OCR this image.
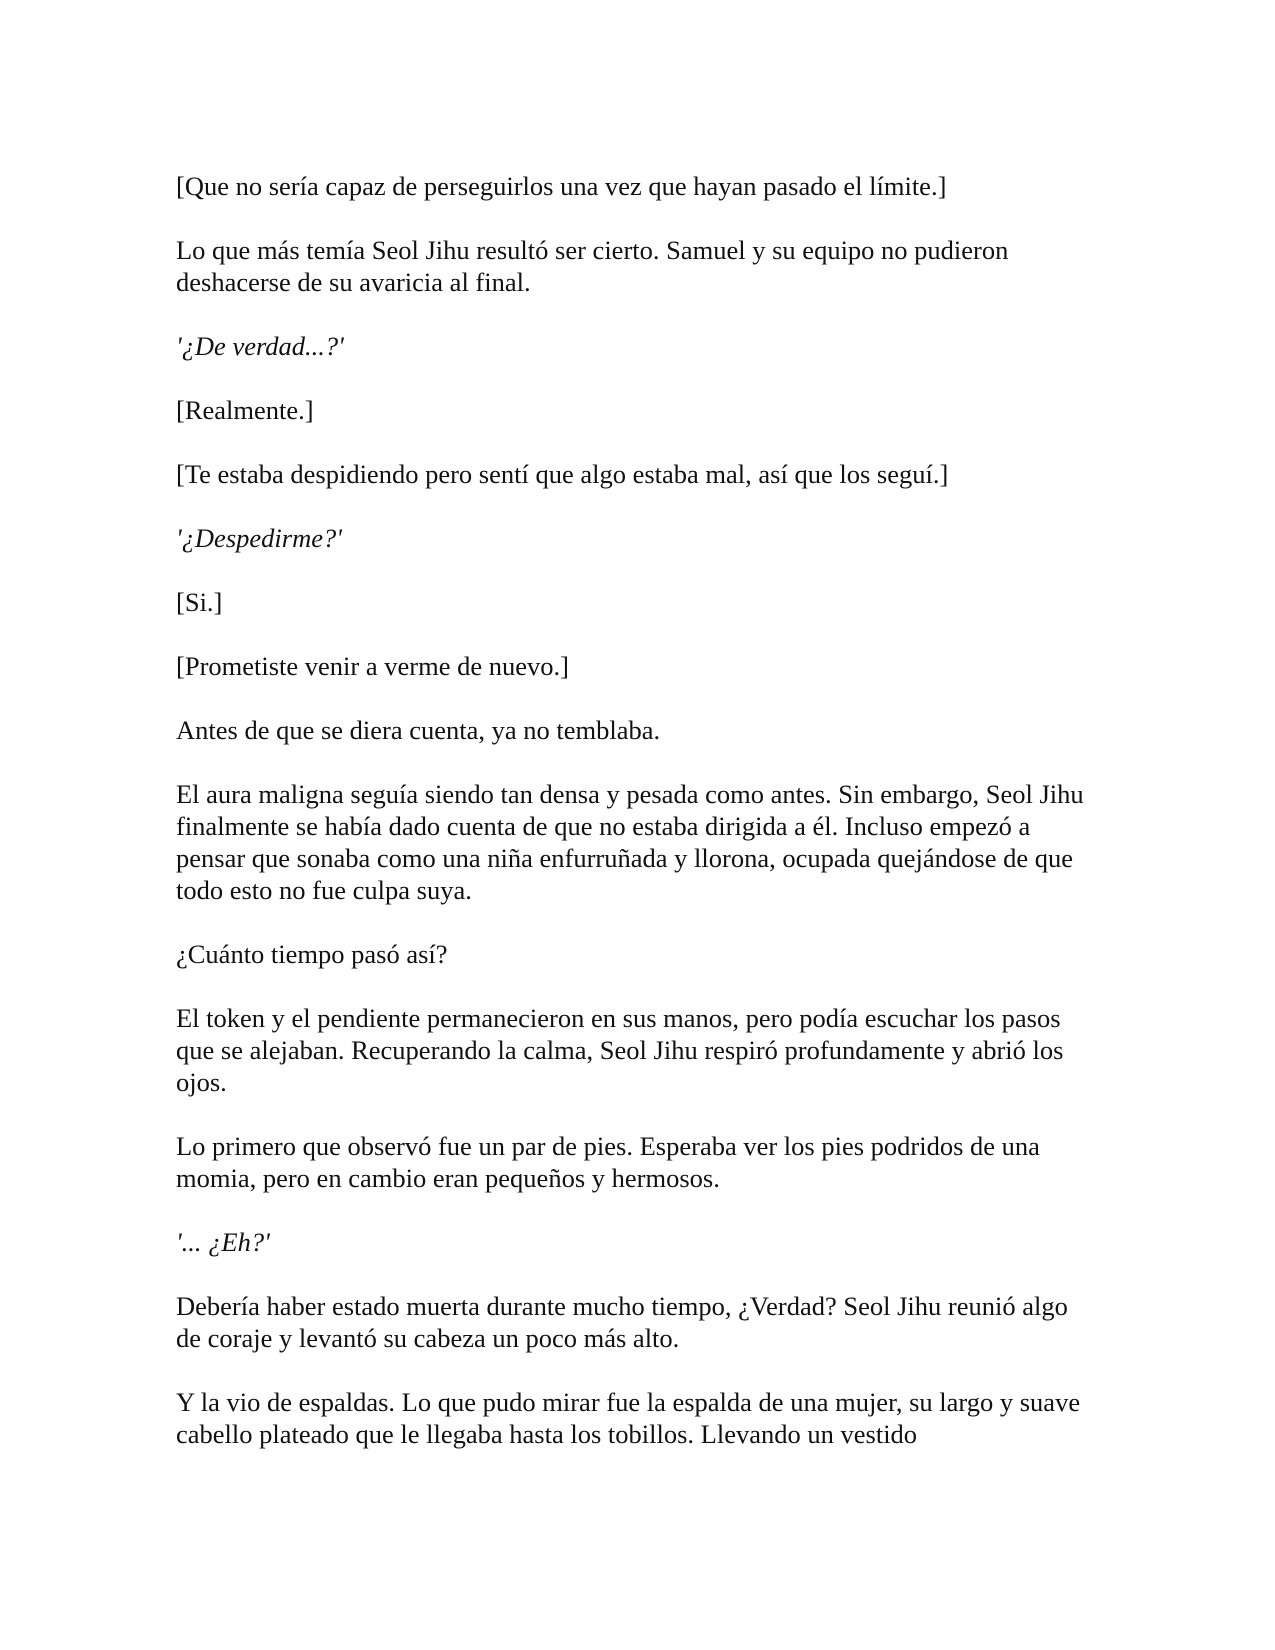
[Que no sería capaz de perseguirlos una vez que hayan pasado el límite.]

Lo que más temía Seol Jihu resultó ser cierto. Samuel y su equipo no pudieron deshacerse de su avaricia al final.

'¿De verdad...?'

[Realmente.]

[Te estaba despidiendo pero sentí que algo estaba mal, así que los seguí.]

'¿Despedirme?'

[Si.]

[Prometiste venir a verme de nuevo.]

Antes de que se diera cuenta, ya no temblaba.

El aura maligna seguía siendo tan densa y pesada como antes. Sin embargo, Seol Jihu finalmente se había dado cuenta de que no estaba dirigida a él. Incluso empezó a pensar que sonaba como una niña enfurruñada y llorona, ocupada quejándose de que todo esto no fue culpa suya.

¿Cuánto tiempo pasó así?

El token y el pendiente permanecieron en sus manos, pero podía escuchar los pasos que se alejaban. Recuperando la calma, Seol Jihu respiró profundamente y abrió los ojos.

Lo primero que observó fue un par de pies. Esperaba ver los pies podridos de una momia, pero en cambio eran pequeños y hermosos.

'... ¿Eh?'

Debería haber estado muerta durante mucho tiempo, ¿Verdad? Seol Jihu reunió algo de coraje y levantó su cabeza un poco más alto.

Y la vio de espaldas. Lo que pudo mirar fue la espalda de una mujer, su largo y suave cabello plateado que le llegaba hasta los tobillos. Llevando un vestido
